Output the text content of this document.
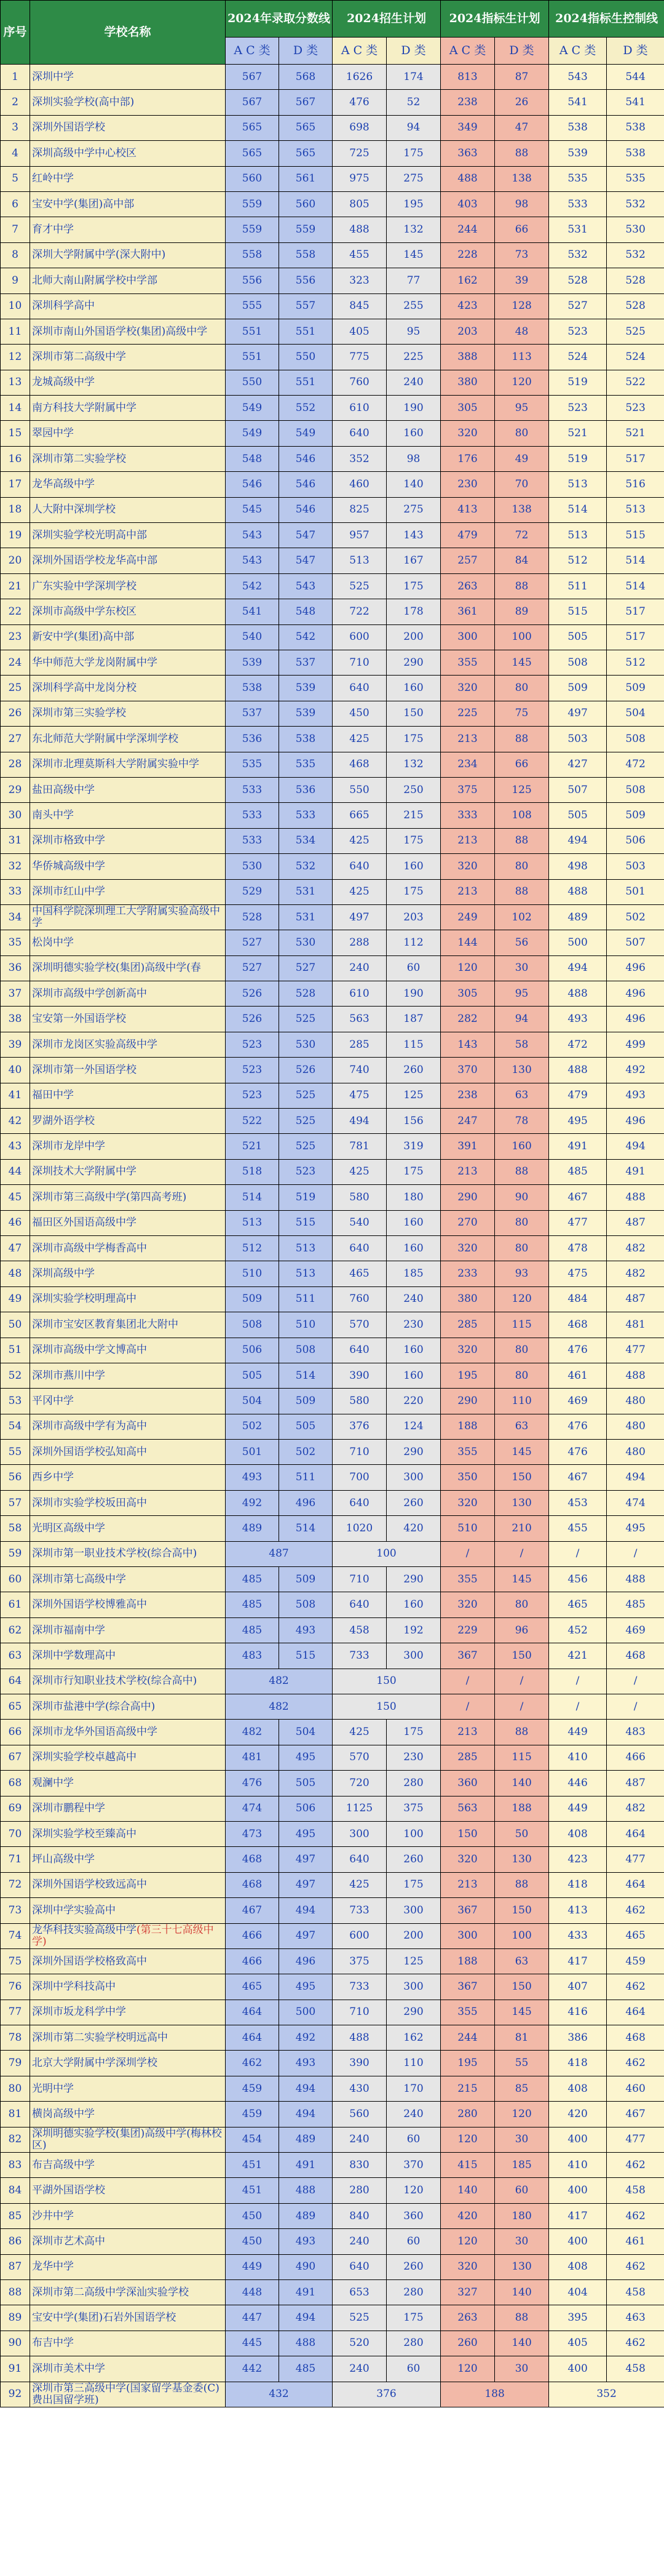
序号	学校名称	2024年录取分数线		2024招生计划		2024指标生计划		2024指标生控制线	
		A C 类	D 类	A C 类	D 类	A C 类	D 类	A C 类	D 类
1	深圳中学	567	568	1626	174	813	87	543	544
2	深圳实验学校(高中部)	567	567	476	52	238	26	541	541
3	深圳外国语学校	565	565	698	94	349	47	538	538
4	深圳高级中学中心校区	565	565	725	175	363	88	539	538
5	红岭中学	560	561	975	275	488	138	535	535
6	宝安中学(集团)高中部	559	560	805	195	403	98	533	532
7	育才中学	559	559	488	132	244	66	531	530
8	深圳大学附属中学(深大附中)	558	558	455	145	228	73	532	532
9	北师大南山附属学校中学部	556	556	323	77	162	39	528	528
10	深圳科学高中	555	557	845	255	423	128	527	528
11	深圳市南山外国语学校(集团)高级中学	551	551	405	95	203	48	523	525
12	深圳市第二高级中学	551	550	775	225	388	113	524	524
13	龙城高级中学	550	551	760	240	380	120	519	522
14	南方科技大学附属中学	549	552	610	190	305	95	523	523
15	翠园中学	549	549	640	160	320	80	521	521
16	深圳市第二实验学校	548	546	352	98	176	49	519	517
17	龙华高级中学	546	546	460	140	230	70	513	516
18	人大附中深圳学校	545	546	825	275	413	138	514	513
19	深圳实验学校光明高中部	543	547	957	143	479	72	513	515
20	深圳外国语学校龙华高中部	543	547	513	167	257	84	512	514
21	广东实验中学深圳学校	542	543	525	175	263	88	511	514
22	深圳市高级中学东校区	541	548	722	178	361	89	515	517
23	新安中学(集团)高中部	540	542	600	200	300	100	505	517
24	华中师范大学龙岗附属中学	539	537	710	290	355	145	508	512
25	深圳科学高中龙岗分校	538	539	640	160	320	80	509	509
26	深圳市第三实验学校	537	539	450	150	225	75	497	504
27	东北师范大学附属中学深圳学校	536	538	425	175	213	88	503	508
28	深圳市北理莫斯科大学附属实验中学	535	535	468	132	234	66	427	472
29	盐田高级中学	533	536	550	250	375	125	507	508
30	南头中学	533	533	665	215	333	108	505	509
31	深圳市格致中学	533	534	425	175	213	88	494	506
32	华侨城高级中学	530	532	640	160	320	80	498	503
33	深圳市红山中学	529	531	425	175	213	88	488	501
34	中国科学院深圳理工大学附属实验高级中学	528	531	497	203	249	102	489	502
35	松岗中学	527	530	288	112	144	56	500	507
36	深圳明德实验学校(集团)高级中学(春	527	527	240	60	120	30	494	496
37	深圳市高级中学创新高中	526	528	610	190	305	95	488	496
38	宝安第一外国语学校	526	525	563	187	282	94	493	496
39	深圳市龙岗区实验高级中学	523	530	285	115	143	58	472	499
40	深圳市第一外国语学校	523	526	740	260	370	130	488	492
41	福田中学	523	525	475	125	238	63	479	493
42	罗湖外语学校	522	525	494	156	247	78	495	496
43	深圳市龙岸中学	521	525	781	319	391	160	491	494
44	深圳技术大学附属中学	518	523	425	175	213	88	485	491
45	深圳市第三高级中学(第四高考班)	514	519	580	180	290	90	467	488
46	福田区外国语高级中学	513	515	540	160	270	80	477	487
47	深圳市高级中学梅香高中	512	513	640	160	320	80	478	482
48	深圳高级中学	510	513	465	185	233	93	475	482
49	深圳实验学校明理高中	509	511	760	240	380	120	484	487
50	深圳市宝安区教育集团北大附中	508	510	570	230	285	115	468	481
51	深圳市高级中学文博高中	506	508	640	160	320	80	476	477
52	深圳市燕川中学	505	514	390	160	195	80	461	488
53	平冈中学	504	509	580	220	290	110	469	480
54	深圳市高级中学有为高中	502	505	376	124	188	63	476	480
55	深圳外国语学校弘知高中	501	502	710	290	355	145	476	480
56	西乡中学	493	511	700	300	350	150	467	494
57	深圳市实验学校坂田高中	492	496	640	260	320	130	453	474
58	光明区高级中学	489	514	1020	420	510	210	455	495
59	深圳市第一职业技术学校(综合高中)	487		100		/	/	/	/
60	深圳市第七高级中学	485	509	710	290	355	145	456	488
61	深圳外国语学校博雅高中	485	508	640	160	320	80	465	485
62	深圳市福南中学	485	493	458	192	229	96	452	469
63	深圳中学数理高中	483	515	733	300	367	150	421	468
64	深圳市行知职业技术学校(综合高中)	482		150		/	/	/	/
65	深圳市盐港中学(综合高中)	482		150		/	/	/	/
66	深圳市龙华外国语高级中学	482	504	425	175	213	88	449	483
67	深圳实验学校卓越高中	481	495	570	230	285	115	410	466
68	观澜中学	476	505	720	280	360	140	446	487
69	深圳市鹏程中学	474	506	1125	375	563	188	449	482
70	深圳实验学校至臻高中	473	495	300	100	150	50	408	464
71	坪山高级中学	468	497	640	260	320	130	423	477
72	深圳外国语学校致远高中	468	497	425	175	213	88	418	464
73	深圳中学实验高中	467	494	733	300	367	150	413	462
74	龙华科技实验高级中学(第三十七高级中学)	466	497	600	200	300	100	433	465
75	深圳外国语学校格致高中	466	496	375	125	188	63	417	459
76	深圳中学科技高中	465	495	733	300	367	150	407	462
77	深圳市坂龙科学中学	464	500	710	290	355	145	416	464
78	深圳市第二实验学校明远高中	464	492	488	162	244	81	386	468
79	北京大学附属中学深圳学校	462	493	390	110	195	55	418	462
80	光明中学	459	494	430	170	215	85	408	460
81	横岗高级中学	459	494	560	240	280	120	420	467
82	深圳明德实验学校(集团)高级中学(梅林校区)	454	489	240	60	120	30	400	477
83	布吉高级中学	451	491	830	370	415	185	410	462
84	平湖外国语学校	451	488	280	120	140	60	400	458
85	沙井中学	450	489	840	360	420	180	417	462
86	深圳市艺术高中	450	493	240	60	120	30	400	461
87	龙华中学	449	490	640	260	320	130	408	462
88	深圳市第二高级中学深汕实验学校	448	491	653	280	327	140	404	458
89	宝安中学(集团)石岩外国语学校	447	494	525	175	263	88	395	463
90	布吉中学	445	488	520	280	260	140	405	462
91	深圳市美术中学	442	485	240	60	120	30	400	458
92	深圳市第三高级中学(国家留学基金委(C)费出国留学班)	432		376		188		352	
